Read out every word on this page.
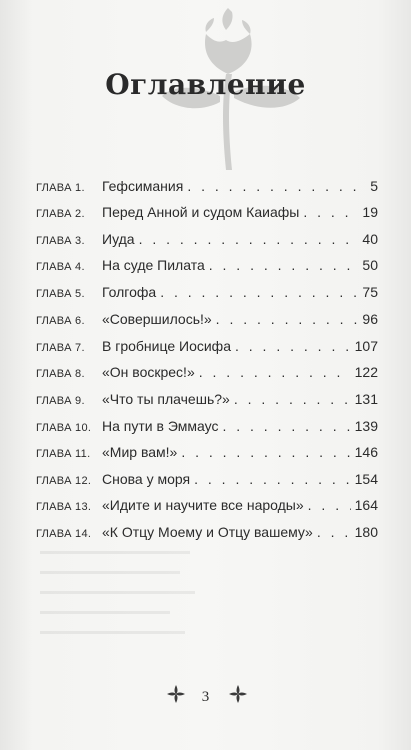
Оглавление
ГЛАВА 1.	Гефсимания . . .	5
ГЛАВА 2.	Перед Анной и судом Каиафы . . .	19
ГЛАВА 3.	Иуда . . .	40
ГЛАВА 4.	На суде Пилата . . .	50
ГЛАВА 5.	Голгофа . . .	75
ГЛАВА 6.	«Совершилось!» . . .	96
ГЛАВА 7.	В гробнице Иосифа . . .	107
ГЛАВА 8.	«Он воскрес!» . . .	122
ГЛАВА 9.	«Что ты плачешь?» . . .	131
ГЛАВА 10. На пути в Эммаус . . .	139
ГЛАВА 11. «Мир вам!» . . .	146
ГЛАВА 12. Снова у моря . . .	154
ГЛАВА 13. «Идите и научите все народы» . . .	164
ГЛАВА 14. «К Отцу Моему и Отцу вашему» . . .	180
3
